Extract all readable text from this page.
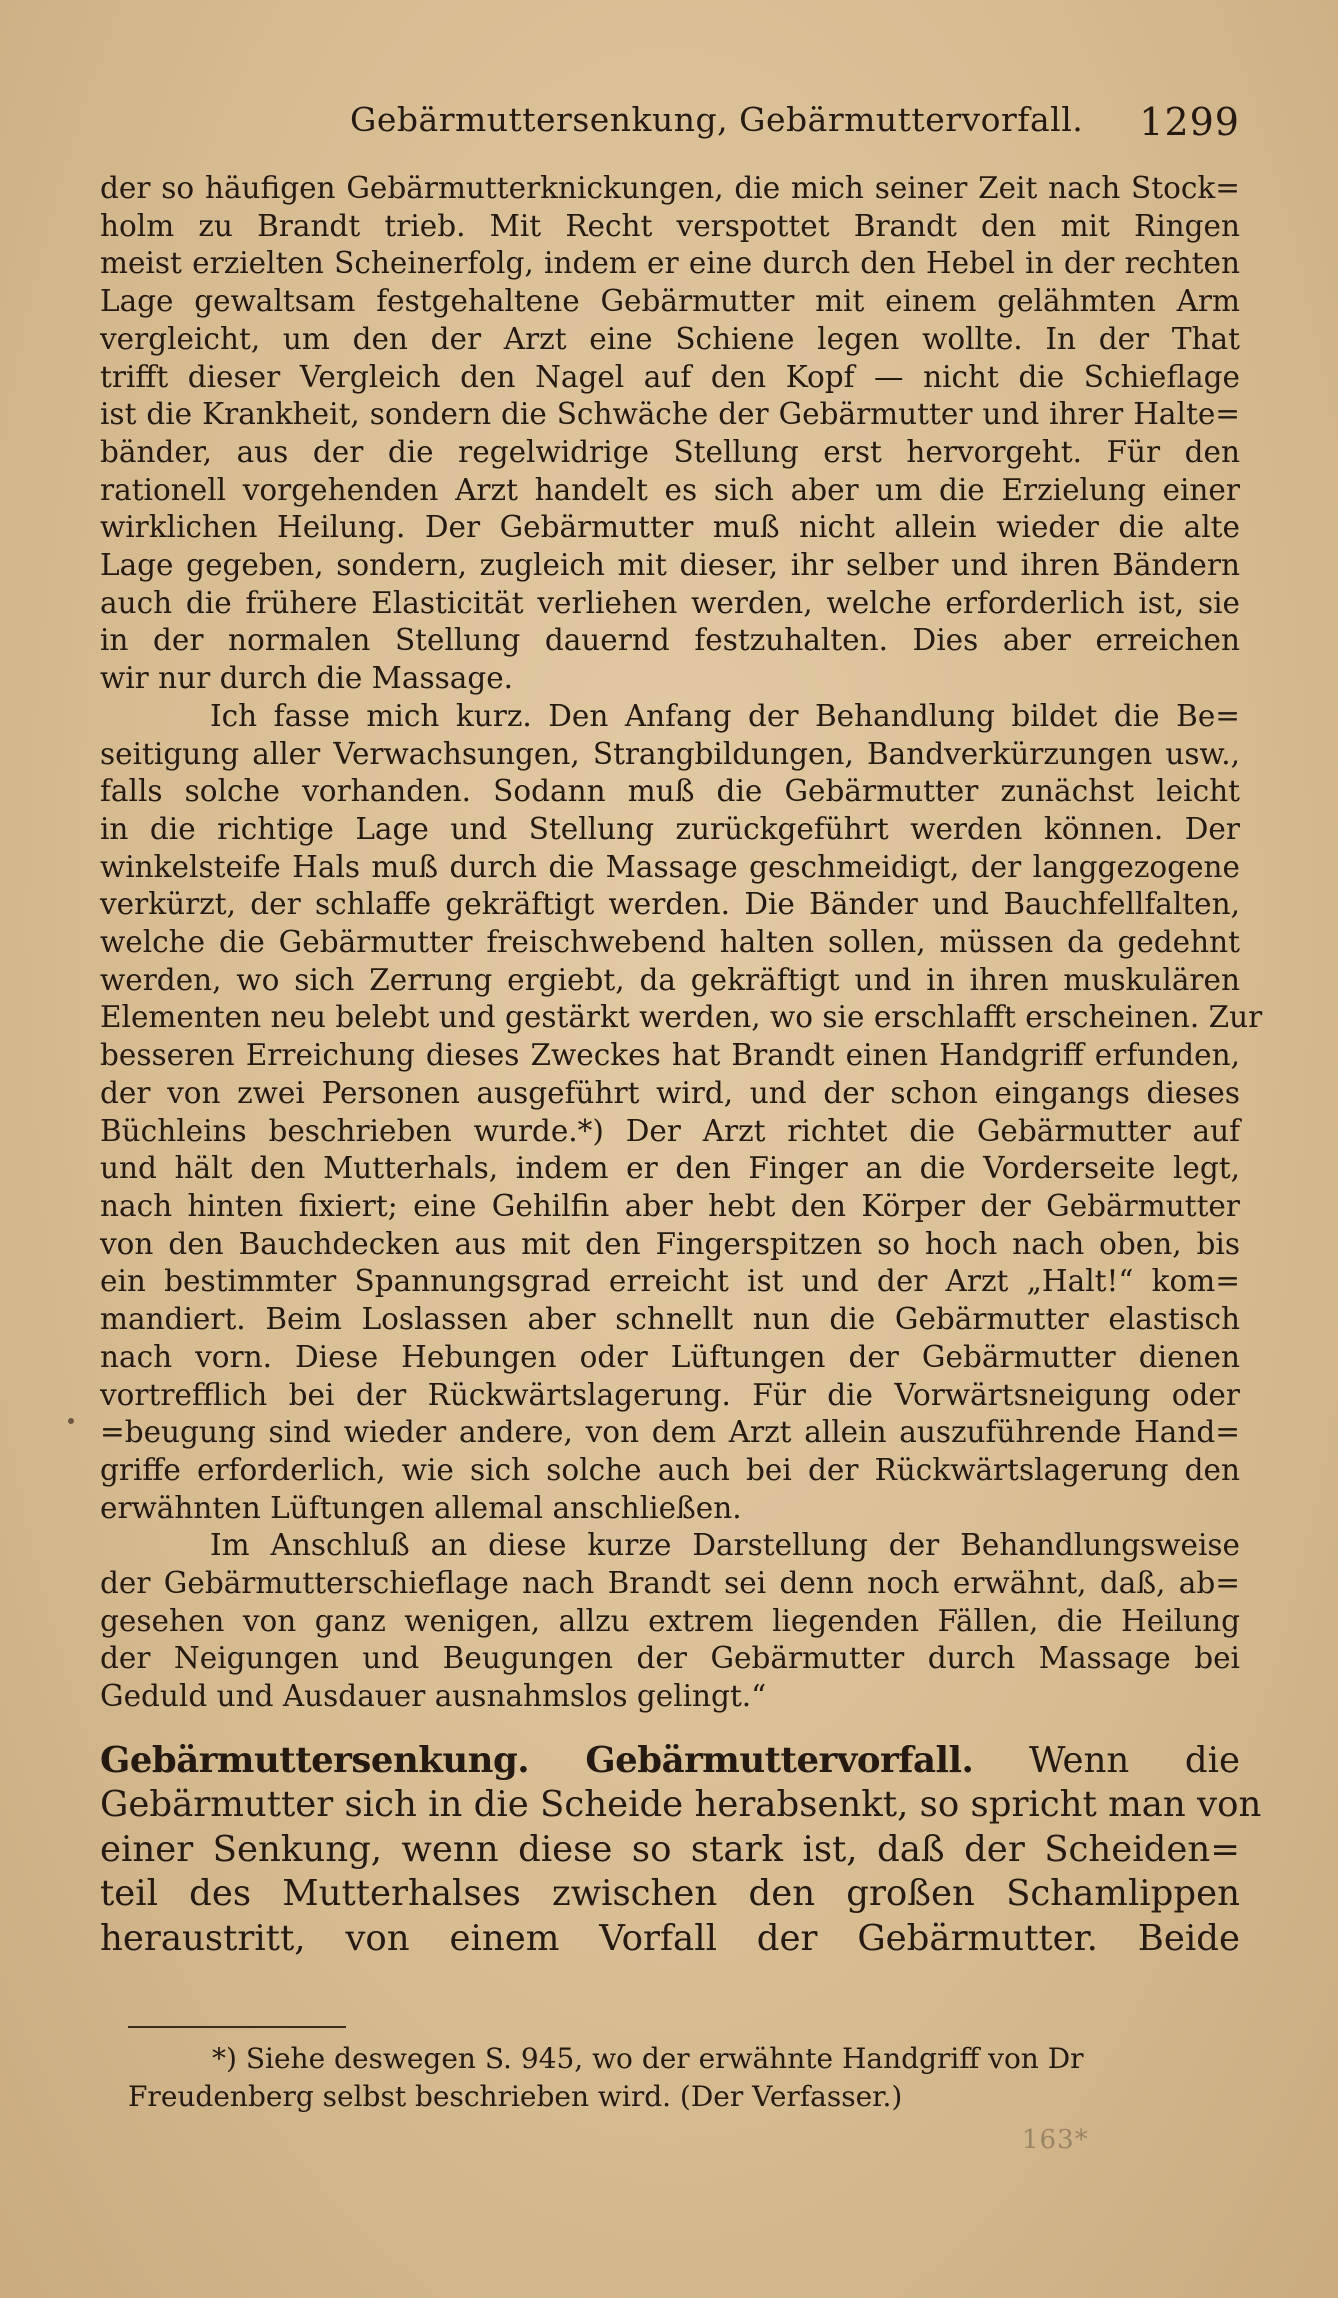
Gebärmuttersenkung, Gebärmuttervorfall. 1299

der so häufigen Gebärmutterknickungen, die mich seiner Zeit nach Stock=
holm zu Brandt trieb. Mit Recht verspottet Brandt den mit Ringen
meist erzielten Scheinerfolg, indem er eine durch den Hebel in der rechten
Lage gewaltsam festgehaltene Gebärmutter mit einem gelähmten Arm
vergleicht, um den der Arzt eine Schiene legen wollte. In der That
trifft dieser Vergleich den Nagel auf den Kopf — nicht die Schieflage
ist die Krankheit, sondern die Schwäche der Gebärmutter und ihrer Halte=
bänder, aus der die regelwidrige Stellung erst hervorgeht. Für den
rationell vorgehenden Arzt handelt es sich aber um die Erzielung einer
wirklichen Heilung. Der Gebärmutter muß nicht allein wieder die alte
Lage gegeben, sondern, zugleich mit dieser, ihr selber und ihren Bändern
auch die frühere Elasticität verliehen werden, welche erforderlich ist, sie
in der normalen Stellung dauernd festzuhalten. Dies aber erreichen
wir nur durch die Massage.

Ich fasse mich kurz. Den Anfang der Behandlung bildet die Be=
seitigung aller Verwachsungen, Strangbildungen, Bandverkürzungen usw.,
falls solche vorhanden. Sodann muß die Gebärmutter zunächst leicht
in die richtige Lage und Stellung zurückgeführt werden können. Der
winkelsteife Hals muß durch die Massage geschmeidigt, der langgezogene
verkürzt, der schlaffe gekräftigt werden. Die Bänder und Bauchfellfalten,
welche die Gebärmutter freischwebend halten sollen, müssen da gedehnt
werden, wo sich Zerrung ergiebt, da gekräftigt und in ihren muskulären
Elementen neu belebt und gestärkt werden, wo sie erschlafft erscheinen. Zur
besseren Erreichung dieses Zweckes hat Brandt einen Handgriff erfunden,
der von zwei Personen ausgeführt wird, und der schon eingangs dieses
Büchleins beschrieben wurde.*) Der Arzt richtet die Gebärmutter auf
und hält den Mutterhals, indem er den Finger an die Vorderseite legt,
nach hinten fixiert; eine Gehilfin aber hebt den Körper der Gebärmutter
von den Bauchdecken aus mit den Fingerspitzen so hoch nach oben, bis
ein bestimmter Spannungsgrad erreicht ist und der Arzt „Halt!“ kom=
mandiert. Beim Loslassen aber schnellt nun die Gebärmutter elastisch
nach vorn. Diese Hebungen oder Lüftungen der Gebärmutter dienen
vortrefflich bei der Rückwärtslagerung. Für die Vorwärtsneigung oder
=beugung sind wieder andere, von dem Arzt allein auszuführende Hand=
griffe erforderlich, wie sich solche auch bei der Rückwärtslagerung den
erwähnten Lüftungen allemal anschließen.

Im Anschluß an diese kurze Darstellung der Behandlungsweise
der Gebärmutterschieflage nach Brandt sei denn noch erwähnt, daß, ab=
gesehen von ganz wenigen, allzu extrem liegenden Fällen, die Heilung
der Neigungen und Beugungen der Gebärmutter durch Massage bei
Geduld und Ausdauer ausnahmslos gelingt.“

Gebärmuttersenkung. Gebärmuttervorfall. Wenn die
Gebärmutter sich in die Scheide herabsenkt, so spricht man von
einer Senkung, wenn diese so stark ist, daß der Scheiden=
teil des Mutterhalses zwischen den großen Schamlippen
heraustritt, von einem Vorfall der Gebärmutter. Beide

*) Siehe deswegen S. 945, wo der erwähnte Handgriff von Dr
Freudenberg selbst beschrieben wird. (Der Verfasser.)
163*
